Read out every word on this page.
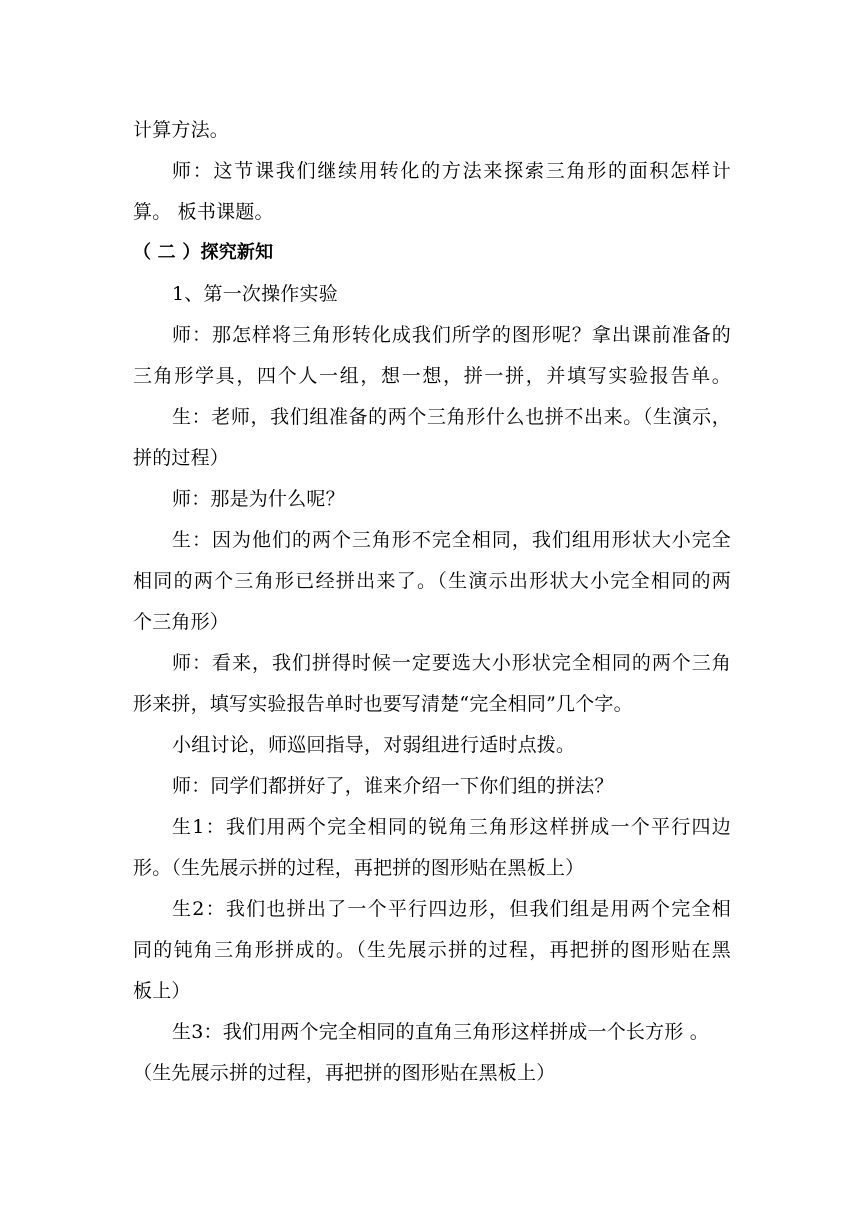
计算方法。
师：这节课我们继续用转化的方法来探索三角形的面积怎样计
算。 板书课题。
（ 二 ）探究新知
1、第一次操作实验
师：那怎样将三角形转化成我们所学的图形呢？拿出课前准备的
三角形学具，四个人一组，想一想，拼一拼，并填写实验报告单。
生：老师，我们组准备的两个三角形什么也拼不出来。（生演示，
拼的过程）
师：那是为什么呢？
生：因为他们的两个三角形不完全相同，我们组用形状大小完全
相同的两个三角形已经拼出来了。（生演示出形状大小完全相同的两
个三角形）
师：看来，我们拼得时候一定要选大小形状完全相同的两个三角
形来拼，填写实验报告单时也要写清楚“完全相同”几个字。
小组讨论，师巡回指导，对弱组进行适时点拨。
师：同学们都拼好了，谁来介绍一下你们组的拼法？
生1：我们用两个完全相同的锐角三角形这样拼成一个平行四边
形。（生先展示拼的过程，再把拼的图形贴在黑板上）
生2：我们也拼出了一个平行四边形，但我们组是用两个完全相
同的钝角三角形拼成的。（生先展示拼的过程，再把拼的图形贴在黑
板上）
生3：我们用两个完全相同的直角三角形这样拼成一个长方形 。
（生先展示拼的过程，再把拼的图形贴在黑板上）
